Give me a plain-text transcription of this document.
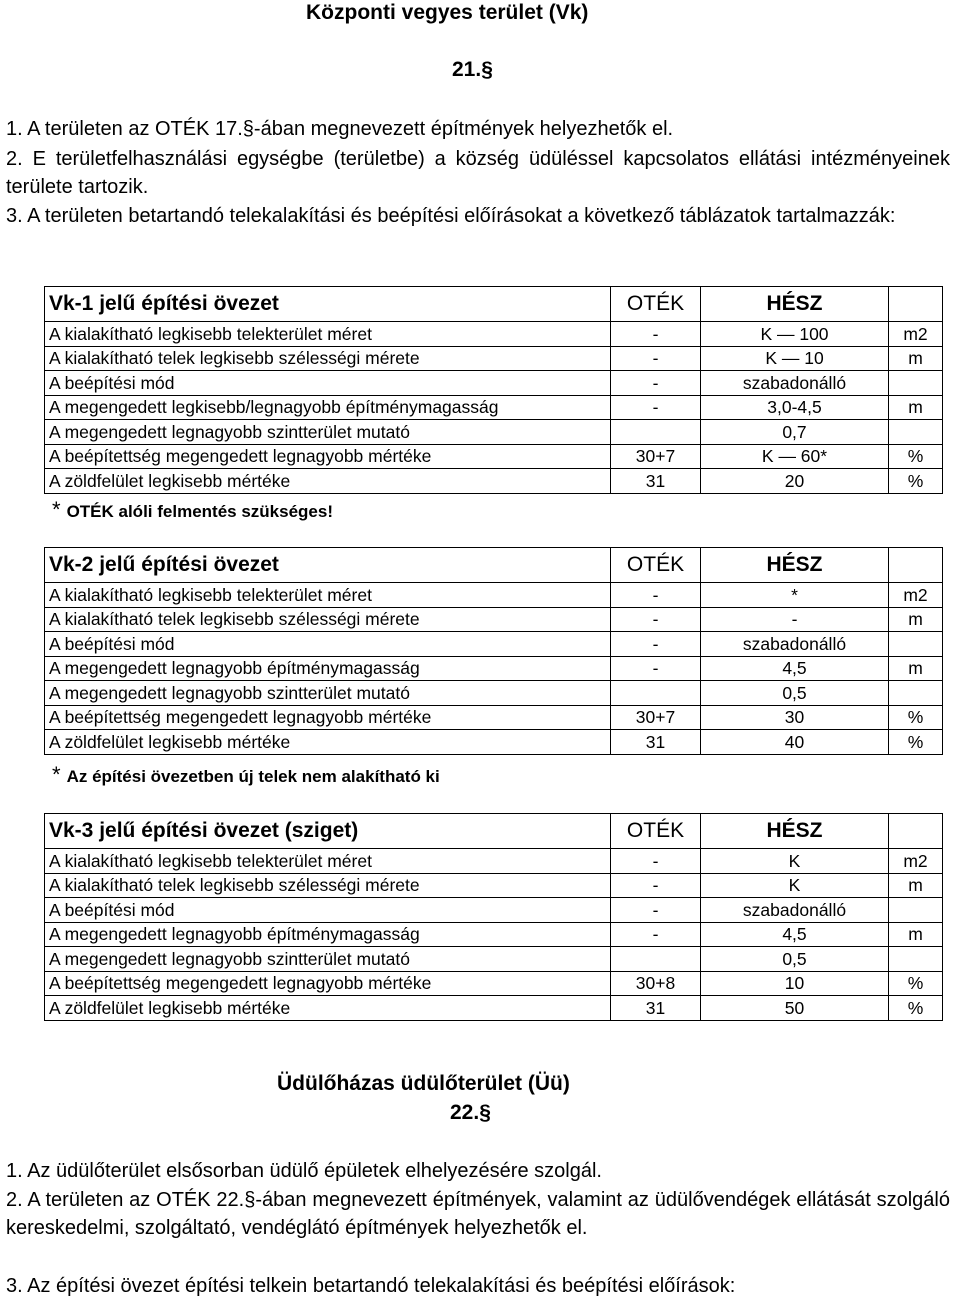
Központi vegyes terület (Vk)
21.§
1. A területen az OTÉK 17.§-ában megnevezett építmények helyezhetők el.
2. E területfelhasználási egységbe (területbe) a község üdüléssel kapcsolatos ellátási intézményeinek területe tartozik.
3. A területen betartandó telekalakítási és beépítési előírásokat a következő táblázatok tartalmazzák:
Vk-1 jelű építési övezet	OTÉK	HÉSZ	
A kialakítható legkisebb telekterület méret	-	K — 100	m2
A kialakítható telek legkisebb szélességi mérete	-	K — 10	m
A beépítési mód	-	szabadonálló	
A megengedett legkisebb/legnagyobb építménymagasság	-	3,0-4,5	m
A megengedett legnagyobb szintterület mutató		0,7	
A beépítettség megengedett legnagyobb mértéke	30+7	K — 60*	%
A zöldfelület legkisebb mértéke	31	20	%
* OTÉK alóli felmentés szükséges!
Vk-2 jelű építési övezet	OTÉK	HÉSZ	
A kialakítható legkisebb telekterület méret	-	*	m2
A kialakítható telek legkisebb szélességi mérete	-	-	m
A beépítési mód	-	szabadonálló	
A megengedett legnagyobb építménymagasság	-	4,5	m
A megengedett legnagyobb szintterület mutató		0,5	
A beépítettség megengedett legnagyobb mértéke	30+7	30	%
A zöldfelület legkisebb mértéke	31	40	%
* Az építési övezetben új telek nem alakítható ki
Vk-3 jelű építési övezet (sziget)	OTÉK	HÉSZ	
A kialakítható legkisebb telekterület méret	-	K	m2
A kialakítható telek legkisebb szélességi mérete	-	K	m
A beépítési mód	-	szabadonálló	
A megengedett legnagyobb építménymagasság	-	4,5	m
A megengedett legnagyobb szintterület mutató		0,5	
A beépítettség megengedett legnagyobb mértéke	30+8	10	%
A zöldfelület legkisebb mértéke	31	50	%
Üdülőházas üdülőterület (Üü)
22.§
1. Az üdülőterület elsősorban üdülő épületek elhelyezésére szolgál.
2. A területen az OTÉK 22.§-ában megnevezett építmények, valamint az üdülővendégek ellátását szolgáló kereskedelmi, szolgáltató, vendéglátó építmények helyezhetők el.
3. Az építési övezet építési telkein betartandó telekalakítási és beépítési előírások:
